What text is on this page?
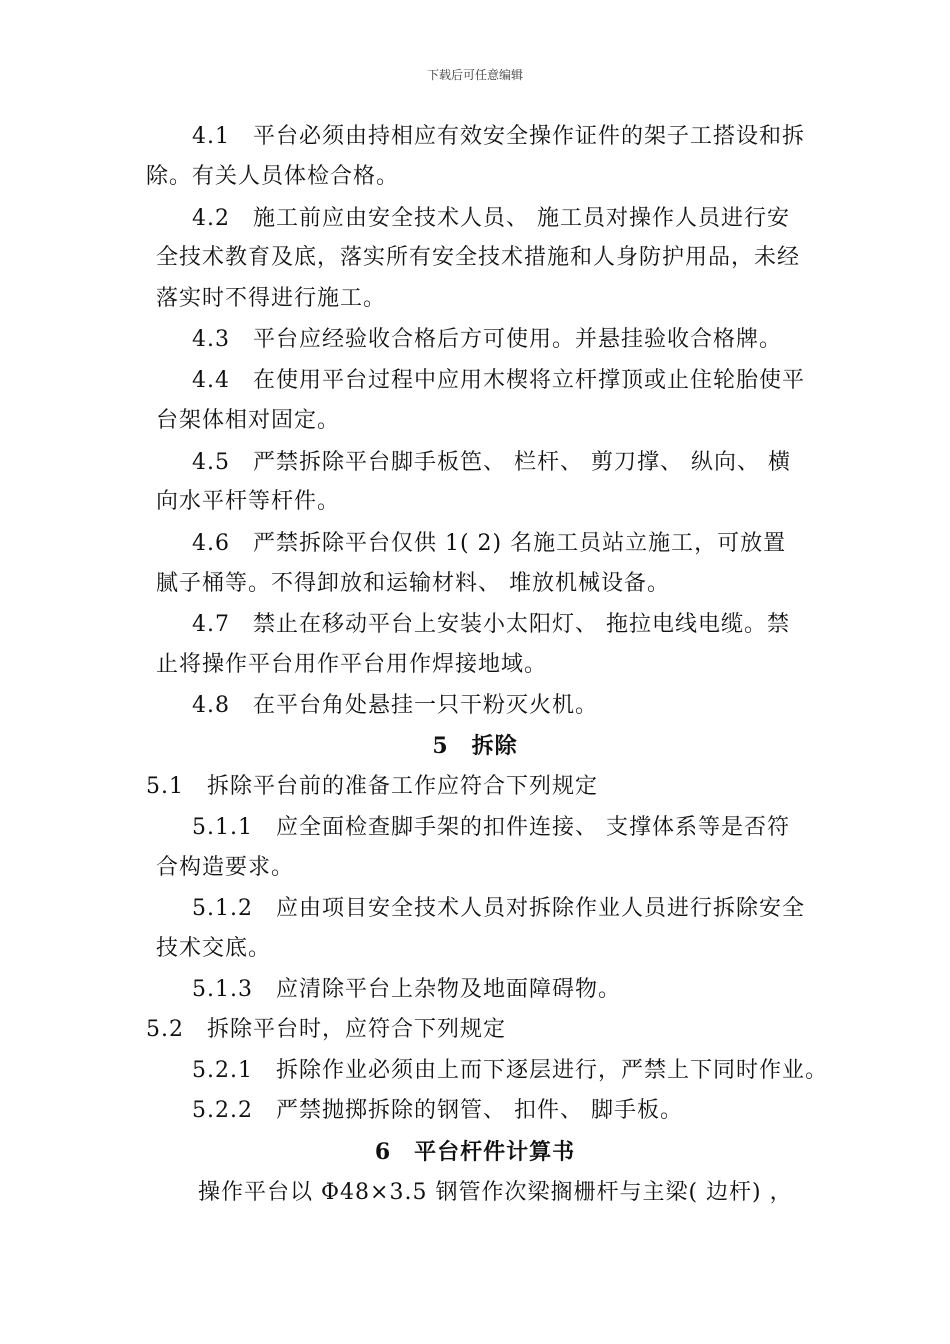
下载后可任意编辑
4.1　平台必须由持相应有效安全操作证件的架子工搭设和拆
除。有关人员体检合格。
4.2　施工前应由安全技术人员、 施工员对操作人员进行安
全技术教育及底，落实所有安全技术措施和人身防护用品，未经
落实时不得进行施工。
4.3　平台应经验收合格后方可使用。并悬挂验收合格牌。
4.4　在使用平台过程中应用木楔将立杆撑顶或止住轮胎使平
台架体相对固定。
4.5　严禁拆除平台脚手板笆、 栏杆、 剪刀撑、 纵向、 横
向水平杆等杆件。
4.6　严禁拆除平台仅供 1( 2) 名施工员站立施工，可放置
腻子桶等。不得卸放和运输材料、 堆放机械设备。
4.7　禁止在移动平台上安装小太阳灯、 拖拉电线电缆。禁
止将操作平台用作平台用作焊接地域。
4.8　在平台角处悬挂一只干粉灭火机。
5　拆除
5.1　拆除平台前的准备工作应符合下列规定
5.1.1　应全面检查脚手架的扣件连接、 支撑体系等是否符
合构造要求。
5.1.2　应由项目安全技术人员对拆除作业人员进行拆除安全
技术交底。
5.1.3　应清除平台上杂物及地面障碍物。
5.2　拆除平台时，应符合下列规定
5.2.1　拆除作业必须由上而下逐层进行，严禁上下同时作业。
5.2.2　严禁抛掷拆除的钢管、 扣件、 脚手板。
6　平台杆件计算书
操作平台以 Φ48×3.5 钢管作次梁搁栅杆与主梁( 边杆) ，
